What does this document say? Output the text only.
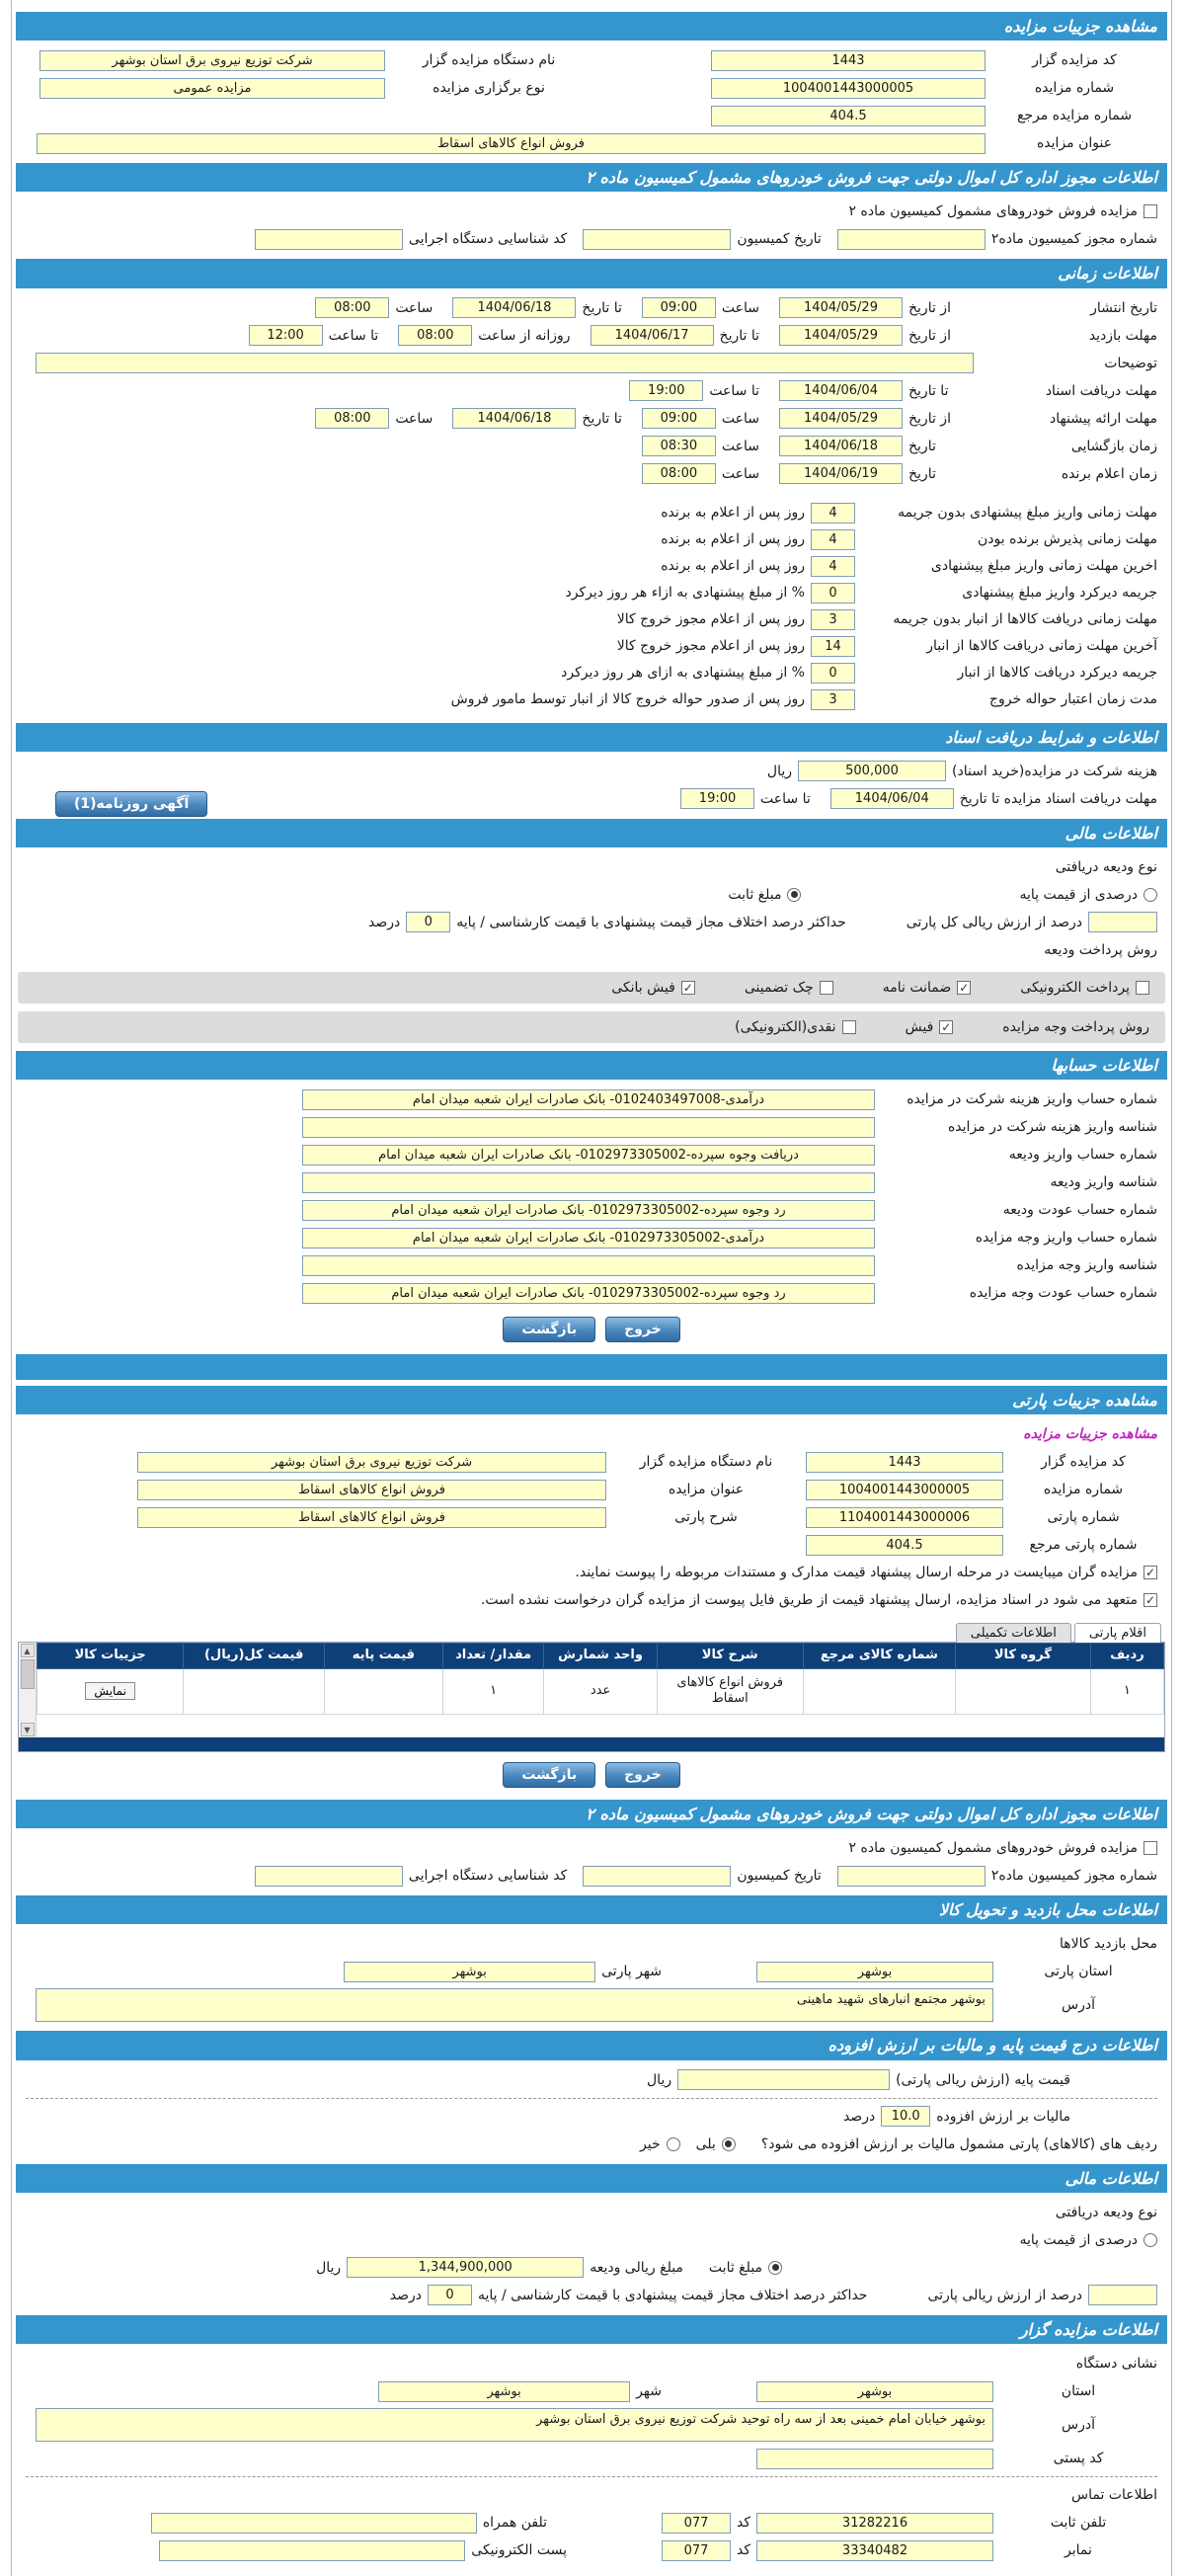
مشاهده جزییات مزایده
کد مزایده گزار
1443
نام دستگاه مزایده گزار
شرکت توزیع نیروی برق استان بوشهر
شماره مزایده
1004001443000005
نوع برگزاری مزایده
مزایده عمومی
شماره مزایده مرجع
404.5
عنوان مزایده
فروش انواع کالاهای اسقاط
اطلاعات مجوز اداره کل اموال دولتی جهت فروش خودروهای مشمول کمیسیون ماده ۲
مزایده فروش خودروهای مشمول کمیسیون ماده ۲
شماره مجوز کمیسیون ماده۲
تاریخ کمیسیون
کد شناسایی دستگاه اجرایی
اطلاعات زمانی
تاریخ انتشار
از تاریخ
1404/05/29
ساعت
09:00
تا تاریخ
1404/06/18
ساعت
08:00
مهلت بازدید
از تاریخ
1404/05/29
تا تاریخ
1404/06/17
روزانه از ساعت
08:00
تا ساعت
12:00
توضیحات
مهلت دریافت اسناد
تا تاریخ
1404/06/04
تا ساعت
19:00
مهلت ارائه پیشنهاد
از تاریخ
1404/05/29
ساعت
09:00
تا تاریخ
1404/06/18
ساعت
08:00
زمان بازگشایی
تاریخ
1404/06/18
ساعت
08:30
زمان اعلام برنده
تاریخ
1404/06/19
ساعت
08:00
مهلت زمانی واریز مبلغ پیشنهادی بدون جریمه
4
روز پس از اعلام به برنده
مهلت زمانی پذیرش برنده بودن
4
روز پس از اعلام به برنده
اخرین مهلت زمانی واریز مبلغ پیشنهادی
4
روز پس از اعلام به برنده
جریمه دیرکرد واریز مبلغ پیشنهادی
0
% از مبلغ پیشنهادی به ازاء هر روز دیرکرد
مهلت زمانی دریافت کالاها از انبار بدون جریمه
3
روز پس از اعلام مجوز خروج کالا
آخرین مهلت زمانی دریافت کالاها از انبار
14
روز پس از اعلام مجوز خروج کالا
جریمه دیرکرد دریافت کالاها از انبار
0
% از مبلغ پیشنهادی به ازای هر روز دیرکرد
مدت زمان اعتبار حواله خروج
3
روز پس از صدور حواله خروج کالا از انبار توسط مامور فروش
اطلاعات و شرایط دریافت اسناد
هزینه شرکت در مزایده(خرید اسناد)
500,000
ریال
مهلت دریافت اسناد مزایده تا تاریخ
1404/06/04
تا ساعت
19:00
آگهی روزنامه(1)
اطلاعات مالی
نوع ودیعه دریافتی
درصدی از قیمت پایه
مبلغ ثابت
درصد از ارزش ریالی کل پارتی
حداکثر درصد اختلاف مجاز قیمت پیشنهادی با قیمت کارشناسی / پایه
0
درصد
روش پرداخت ودیعه
پرداخت الکترونیکی
✓
ضمانت نامه
چک تضمینی
✓
فیش بانکی
روش پرداخت وجه مزایده
✓
فیش
نقدی(الکترونیکی)
اطلاعات حسابها
شماره حساب واریز هزینه شرکت در مزایده
درآمدی-0102403497008- بانک صادرات ایران شعبه میدان امام
شناسه واریز هزینه شرکت در مزایده
شماره حساب واریز ودیعه
دریافت وجوه سپرده-0102973305002- بانک صادرات ایران شعبه میدان امام
شناسه واریز ودیعه
شماره حساب عودت ودیعه
رد وجوه سپرده-0102973305002- بانک صادرات ایران شعبه میدان امام
شماره حساب واریز وجه مزایده
درآمدی-0102973305002- بانک صادرات ایران شعبه میدان امام
شناسه واریز وجه مزایده
شماره حساب عودت وجه مزایده
رد وجوه سپرده-0102973305002- بانک صادرات ایران شعبه میدان امام
خروج
بازگشت
مشاهده جزییات پارتی
مشاهده جزییات مزایده
کد مزایده گزار
1443
نام دستگاه مزایده گزار
شرکت توزیع نیروی برق استان بوشهر
شماره مزایده
1004001443000005
عنوان مزایده
فروش انواع کالاهای اسقاط
شماره پارتی
1104001443000006
شرح پارتی
فروش انواع کالاهای اسقاط
شماره پارتی مرجع
404.5
✓
مزایده گران میبایست در مرحله ارسال پیشنهاد قیمت مدارک و مستندات مربوطه را پیوست نمایند.
✓
متعهد می شود در اسناد مزایده، ارسال پیشنهاد قیمت از طریق فایل پیوست از مزایده گران درخواست نشده است.
اقلام پارتی
اطلاعات تکمیلی
ردیف	گروه کالا	شماره کالای مرجع	شرح کالا	واحد شمارش	مقدار/ تعداد	قیمت پایه	قیمت کل(ریال)	جزییات کالا
۱			فروش انواع کالاهای اسقاط	عدد	۱			نمایش

▲
▼
خروج
بازگشت
اطلاعات مجوز اداره کل اموال دولتی جهت فروش خودروهای مشمول کمیسیون ماده ۲
مزایده فروش خودروهای مشمول کمیسیون ماده ۲
شماره مجوز کمیسیون ماده۲
تاریخ کمیسیون
کد شناسایی دستگاه اجرایی
اطلاعات محل بازدید و تحویل کالا
محل بازدید کالاها
استان پارتی
بوشهر
شهر پارتی
بوشهر
آدرس
بوشهر مجتمع انبارهای شهید ماهینی
اطلاعات درج قیمت پایه و مالیات بر ارزش افزوده
قیمت پایه (ارزش ریالی پارتی)
ریال
مالیات بر ارزش افزوده
10.0
درصد
ردیف های (کالاهای) پارتی مشمول مالیات بر ارزش افزوده می شود؟
بلی
خیر
اطلاعات مالی
نوع ودیعه دریافتی
درصدی از قیمت پایه
مبلغ ثابت
مبلغ ریالی ودیعه
1,344,900,000
ریال
درصد از ارزش ریالی پارتی
حداکثر درصد اختلاف مجاز قیمت پیشنهادی با قیمت کارشناسی / پایه
0
درصد
اطلاعات مزایده گزار
نشانی دستگاه
استان
بوشهر
شهر
بوشهر
آدرس
بوشهر خیابان امام خمینی بعد از سه راه توحید شرکت توزیع نیروی برق استان بوشهر
کد پستی
اطلاعات تماس
تلفن ثابت
31282216
کد
077
تلفن همراه
نمابر
33340482
کد
077
پست الکترونیکی
